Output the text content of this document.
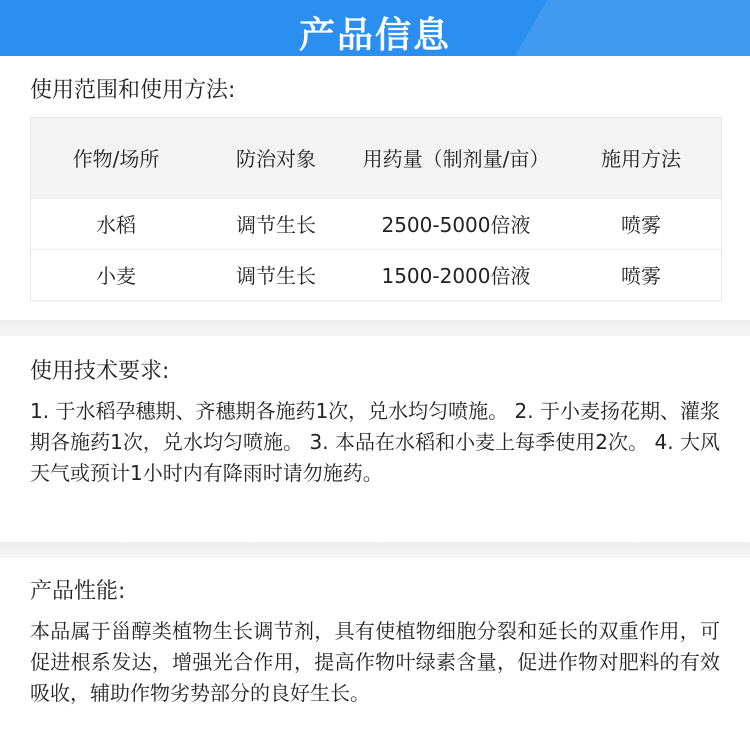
产品信息
使用范围和使用方法:
作物/场所	防治对象	用药量（制剂量/亩）	施用方法
水稻	调节生长	2500-5000倍液	喷雾
小麦	调节生长	1500-2000倍液	喷雾
使用技术要求:
1. 于水稻孕穗期、齐穗期各施药1次，兑水均匀喷施。 2. 于小麦扬花期、灌浆期各施药1次，兑水均匀喷施。 3. 本品在水稻和小麦上每季使用2次。 4. 大风天气或预计1小时内有降雨时请勿施药。
产品性能:
本品属于甾醇类植物生长调节剂，具有使植物细胞分裂和延长的双重作用，可促进根系发达，增强光合作用，提高作物叶绿素含量，促进作物对肥料的有效吸收，辅助作物劣势部分的良好生长。
